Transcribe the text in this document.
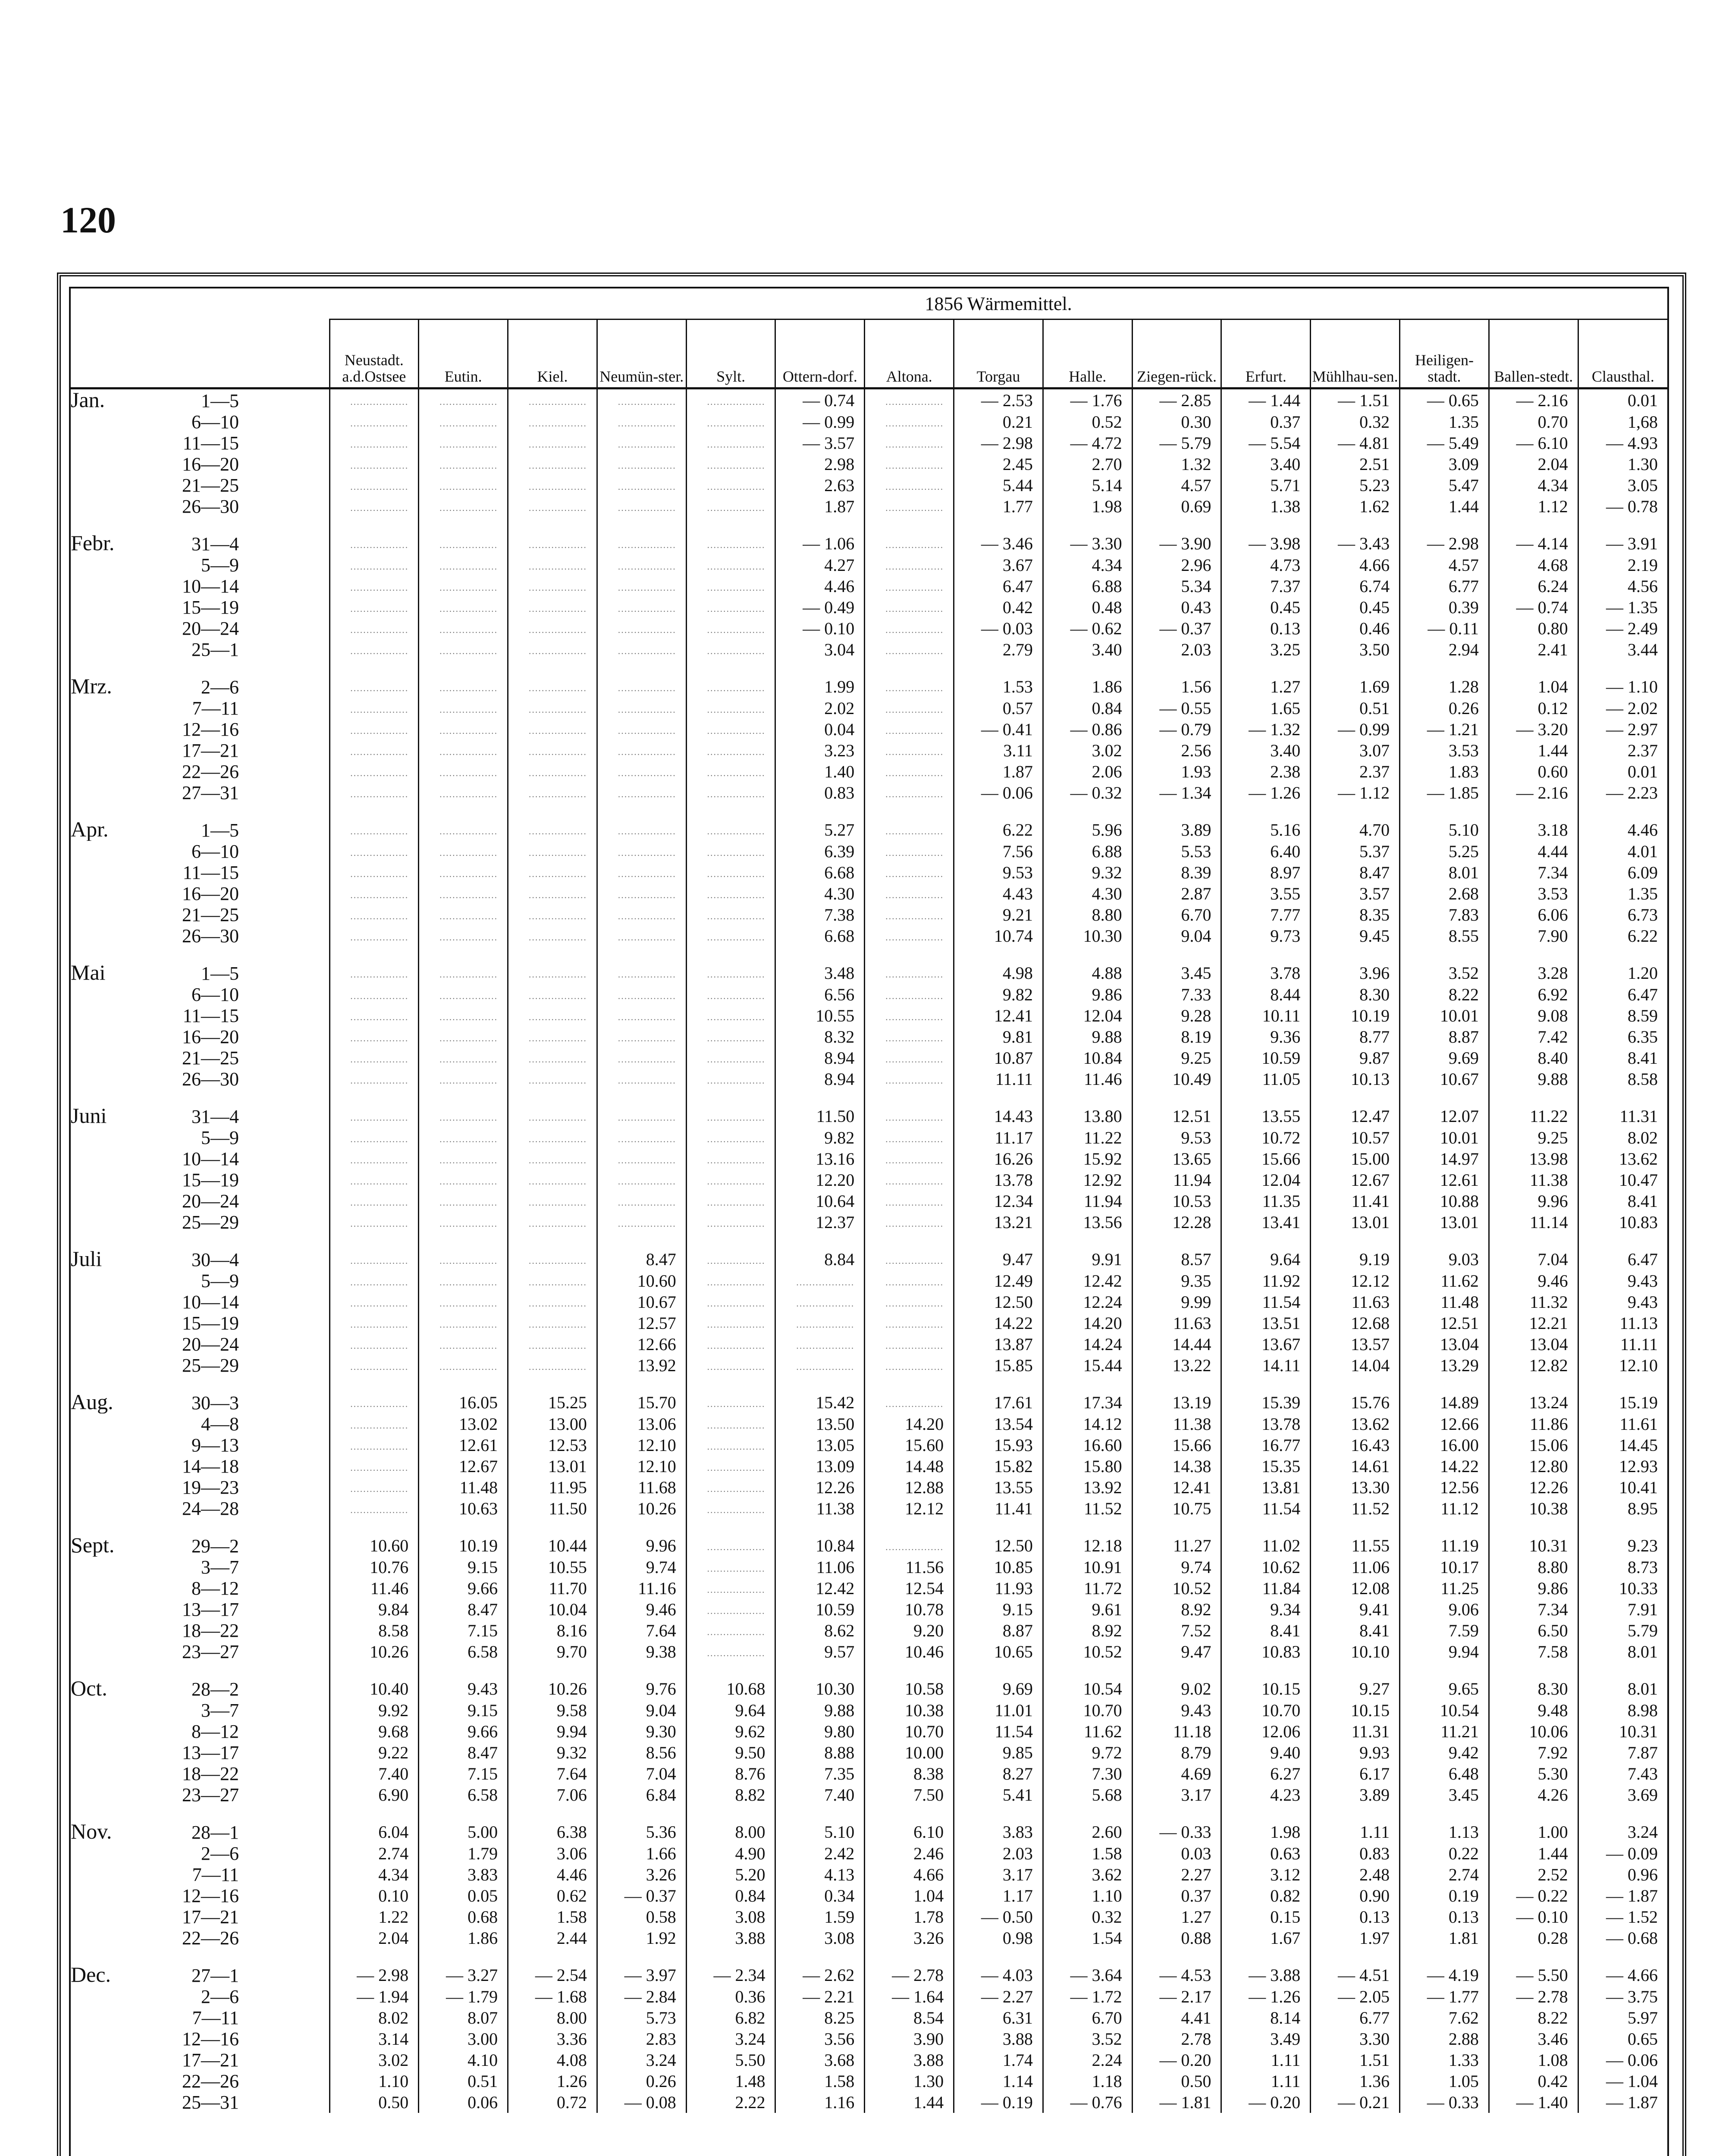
120
	1856 Wärmemittel.														
	Neustadt. a.d.Ostsee	Eutin.	Kiel.	Neumün-ster.	Sylt.	Ottern-dorf.	Altona.	Torgau	Halle.	Ziegen-rück.	Erfurt.	Mühlhau-sen.	Heiligen-stadt.	Ballen-stedt.	Clausthal.
Jan. 1—5	..................	..................	..................	..................	..................	— 0.74	..................	— 2.53	— 1.76	— 2.85	— 1.44	— 1.51	— 0.65	— 2.16	0.01
6—10	..................	..................	..................	..................	..................	— 0.99	..................	0.21	0.52	0.30	0.37	0.32	1.35	0.70	1,68
11—15	..................	..................	..................	..................	..................	— 3.57	..................	— 2.98	— 4.72	— 5.79	— 5.54	— 4.81	— 5.49	— 6.10	— 4.93
16—20	..................	..................	..................	..................	..................	2.98	..................	2.45	2.70	1.32	3.40	2.51	3.09	2.04	1.30
21—25	..................	..................	..................	..................	..................	2.63	..................	5.44	5.14	4.57	5.71	5.23	5.47	4.34	3.05
26—30	..................	..................	..................	..................	..................	1.87	..................	1.77	1.98	0.69	1.38	1.62	1.44	1.12	— 0.78

Febr. 31—4	..................	..................	..................	..................	..................	— 1.06	..................	— 3.46	— 3.30	— 3.90	— 3.98	— 3.43	— 2.98	— 4.14	— 3.91
5—9	..................	..................	..................	..................	..................	4.27	..................	3.67	4.34	2.96	4.73	4.66	4.57	4.68	2.19
10—14	..................	..................	..................	..................	..................	4.46	..................	6.47	6.88	5.34	7.37	6.74	6.77	6.24	4.56
15—19	..................	..................	..................	..................	..................	— 0.49	..................	0.42	0.48	0.43	0.45	0.45	0.39	— 0.74	— 1.35
20—24	..................	..................	..................	..................	..................	— 0.10	..................	— 0.03	— 0.62	— 0.37	0.13	0.46	— 0.11	0.80	— 2.49
25—1	..................	..................	..................	..................	..................	3.04	..................	2.79	3.40	2.03	3.25	3.50	2.94	2.41	3.44

Mrz. 2—6	..................	..................	..................	..................	..................	1.99	..................	1.53	1.86	1.56	1.27	1.69	1.28	1.04	— 1.10
7—11	..................	..................	..................	..................	..................	2.02	..................	0.57	0.84	— 0.55	1.65	0.51	0.26	0.12	— 2.02
12—16	..................	..................	..................	..................	..................	0.04	..................	— 0.41	— 0.86	— 0.79	— 1.32	— 0.99	— 1.21	— 3.20	— 2.97
17—21	..................	..................	..................	..................	..................	3.23	..................	3.11	3.02	2.56	3.40	3.07	3.53	1.44	2.37
22—26	..................	..................	..................	..................	..................	1.40	..................	1.87	2.06	1.93	2.38	2.37	1.83	0.60	0.01
27—31	..................	..................	..................	..................	..................	0.83	..................	— 0.06	— 0.32	— 1.34	— 1.26	— 1.12	— 1.85	— 2.16	— 2.23

Apr. 1—5	..................	..................	..................	..................	..................	5.27	..................	6.22	5.96	3.89	5.16	4.70	5.10	3.18	4.46
6—10	..................	..................	..................	..................	..................	6.39	..................	7.56	6.88	5.53	6.40	5.37	5.25	4.44	4.01
11—15	..................	..................	..................	..................	..................	6.68	..................	9.53	9.32	8.39	8.97	8.47	8.01	7.34	6.09
16—20	..................	..................	..................	..................	..................	4.30	..................	4.43	4.30	2.87	3.55	3.57	2.68	3.53	1.35
21—25	..................	..................	..................	..................	..................	7.38	..................	9.21	8.80	6.70	7.77	8.35	7.83	6.06	6.73
26—30	..................	..................	..................	..................	..................	6.68	..................	10.74	10.30	9.04	9.73	9.45	8.55	7.90	6.22

Mai 1—5	..................	..................	..................	..................	..................	3.48	..................	4.98	4.88	3.45	3.78	3.96	3.52	3.28	1.20
6—10	..................	..................	..................	..................	..................	6.56	..................	9.82	9.86	7.33	8.44	8.30	8.22	6.92	6.47
11—15	..................	..................	..................	..................	..................	10.55	..................	12.41	12.04	9.28	10.11	10.19	10.01	9.08	8.59
16—20	..................	..................	..................	..................	..................	8.32	..................	9.81	9.88	8.19	9.36	8.77	8.87	7.42	6.35
21—25	..................	..................	..................	..................	..................	8.94	..................	10.87	10.84	9.25	10.59	9.87	9.69	8.40	8.41
26—30	..................	..................	..................	..................	..................	8.94	..................	11.11	11.46	10.49	11.05	10.13	10.67	9.88	8.58

Juni 31—4	..................	..................	..................	..................	..................	11.50	..................	14.43	13.80	12.51	13.55	12.47	12.07	11.22	11.31
5—9	..................	..................	..................	..................	..................	9.82	..................	11.17	11.22	9.53	10.72	10.57	10.01	9.25	8.02
10—14	..................	..................	..................	..................	..................	13.16	..................	16.26	15.92	13.65	15.66	15.00	14.97	13.98	13.62
15—19	..................	..................	..................	..................	..................	12.20	..................	13.78	12.92	11.94	12.04	12.67	12.61	11.38	10.47
20—24	..................	..................	..................	..................	..................	10.64	..................	12.34	11.94	10.53	11.35	11.41	10.88	9.96	8.41
25—29	..................	..................	..................	..................	..................	12.37	..................	13.21	13.56	12.28	13.41	13.01	13.01	11.14	10.83

Juli 30—4	..................	..................	..................	8.47	..................	8.84	..................	9.47	9.91	8.57	9.64	9.19	9.03	7.04	6.47
5—9	..................	..................	..................	10.60	..................	..................	..................	12.49	12.42	9.35	11.92	12.12	11.62	9.46	9.43
10—14	..................	..................	..................	10.67	..................	..................	..................	12.50	12.24	9.99	11.54	11.63	11.48	11.32	9.43
15—19	..................	..................	..................	12.57	..................	..................	..................	14.22	14.20	11.63	13.51	12.68	12.51	12.21	11.13
20—24	..................	..................	..................	12.66	..................	..................	..................	13.87	14.24	14.44	13.67	13.57	13.04	13.04	11.11
25—29	..................	..................	..................	13.92	..................	..................	..................	15.85	15.44	13.22	14.11	14.04	13.29	12.82	12.10

Aug. 30—3	..................	16.05	15.25	15.70	..................	15.42	..................	17.61	17.34	13.19	15.39	15.76	14.89	13.24	15.19
4—8	..................	13.02	13.00	13.06	..................	13.50	14.20	13.54	14.12	11.38	13.78	13.62	12.66	11.86	11.61
9—13	..................	12.61	12.53	12.10	..................	13.05	15.60	15.93	16.60	15.66	16.77	16.43	16.00	15.06	14.45
14—18	..................	12.67	13.01	12.10	..................	13.09	14.48	15.82	15.80	14.38	15.35	14.61	14.22	12.80	12.93
19—23	..................	11.48	11.95	11.68	..................	12.26	12.88	13.55	13.92	12.41	13.81	13.30	12.56	12.26	10.41
24—28	..................	10.63	11.50	10.26	..................	11.38	12.12	11.41	11.52	10.75	11.54	11.52	11.12	10.38	8.95

Sept. 29—2	10.60	10.19	10.44	9.96	..................	10.84	..................	12.50	12.18	11.27	11.02	11.55	11.19	10.31	9.23
3—7	10.76	9.15	10.55	9.74	..................	11.06	11.56	10.85	10.91	9.74	10.62	11.06	10.17	8.80	8.73
8—12	11.46	9.66	11.70	11.16	..................	12.42	12.54	11.93	11.72	10.52	11.84	12.08	11.25	9.86	10.33
13—17	9.84	8.47	10.04	9.46	..................	10.59	10.78	9.15	9.61	8.92	9.34	9.41	9.06	7.34	7.91
18—22	8.58	7.15	8.16	7.64	..................	8.62	9.20	8.87	8.92	7.52	8.41	8.41	7.59	6.50	5.79
23—27	10.26	6.58	9.70	9.38	..................	9.57	10.46	10.65	10.52	9.47	10.83	10.10	9.94	7.58	8.01

Oct. 28—2	10.40	9.43	10.26	9.76	10.68	10.30	10.58	9.69	10.54	9.02	10.15	9.27	9.65	8.30	8.01
3—7	9.92	9.15	9.58	9.04	9.64	9.88	10.38	11.01	10.70	9.43	10.70	10.15	10.54	9.48	8.98
8—12	9.68	9.66	9.94	9.30	9.62	9.80	10.70	11.54	11.62	11.18	12.06	11.31	11.21	10.06	10.31
13—17	9.22	8.47	9.32	8.56	9.50	8.88	10.00	9.85	9.72	8.79	9.40	9.93	9.42	7.92	7.87
18—22	7.40	7.15	7.64	7.04	8.76	7.35	8.38	8.27	7.30	4.69	6.27	6.17	6.48	5.30	7.43
23—27	6.90	6.58	7.06	6.84	8.82	7.40	7.50	5.41	5.68	3.17	4.23	3.89	3.45	4.26	3.69

Nov. 28—1	6.04	5.00	6.38	5.36	8.00	5.10	6.10	3.83	2.60	— 0.33	1.98	1.11	1.13	1.00	3.24
2—6	2.74	1.79	3.06	1.66	4.90	2.42	2.46	2.03	1.58	0.03	0.63	0.83	0.22	1.44	— 0.09
7—11	4.34	3.83	4.46	3.26	5.20	4.13	4.66	3.17	3.62	2.27	3.12	2.48	2.74	2.52	0.96
12—16	0.10	0.05	0.62	— 0.37	0.84	0.34	1.04	1.17	1.10	0.37	0.82	0.90	0.19	— 0.22	— 1.87
17—21	1.22	0.68	1.58	0.58	3.08	1.59	1.78	— 0.50	0.32	1.27	0.15	0.13	0.13	— 0.10	— 1.52
22—26	2.04	1.86	2.44	1.92	3.88	3.08	3.26	0.98	1.54	0.88	1.67	1.97	1.81	0.28	— 0.68

Dec. 27—1	— 2.98	— 3.27	— 2.54	— 3.97	— 2.34	— 2.62	— 2.78	— 4.03	— 3.64	— 4.53	— 3.88	— 4.51	— 4.19	— 5.50	— 4.66
2—6	— 1.94	— 1.79	— 1.68	— 2.84	0.36	— 2.21	— 1.64	— 2.27	— 1.72	— 2.17	— 1.26	— 2.05	— 1.77	— 2.78	— 3.75
7—11	8.02	8.07	8.00	5.73	6.82	8.25	8.54	6.31	6.70	4.41	8.14	6.77	7.62	8.22	5.97
12—16	3.14	3.00	3.36	2.83	3.24	3.56	3.90	3.88	3.52	2.78	3.49	3.30	2.88	3.46	0.65
17—21	3.02	4.10	4.08	3.24	5.50	3.68	3.88	1.74	2.24	— 0.20	1.11	1.51	1.33	1.08	— 0.06
22—26	1.10	0.51	1.26	0.26	1.48	1.58	1.30	1.14	1.18	0.50	1.11	1.36	1.05	0.42	— 1.04
25—31	0.50	0.06	0.72	— 0.08	2.22	1.16	1.44	— 0.19	— 0.76	— 1.81	— 0.20	— 0.21	— 0.33	— 1.40	— 1.87
